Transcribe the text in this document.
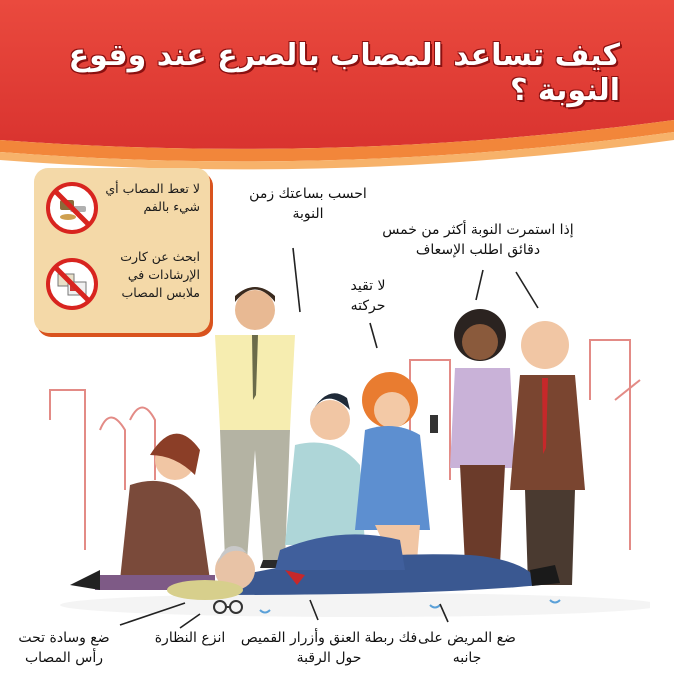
كيف تساعد المصاب بالصرع عند وقوع النوبة ؟
لا تعط المصاب أي شيء بالفم
ابحث عن كارت الإرشادات في ملابس المصاب
احسب بساعتك زمن النوبة
لا تقيد حركته
إذا استمرت النوبة أكثر من خمس دقائق اطلب الإسعاف
ضع وسادة تحت رأس المصاب
انزع النظارة	فك ربطة العنق وأزرار القميص حول الرقبة
ضع المريض على جانبه
